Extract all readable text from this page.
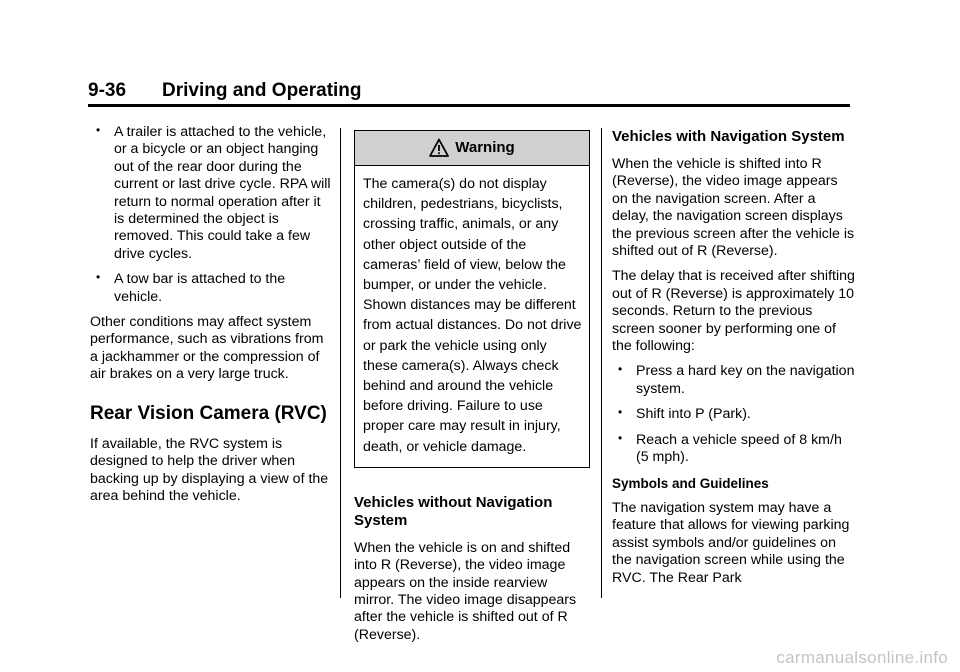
9-36 Driving and Operating
• A trailer is attached to the vehicle, or a bicycle or an object hanging out of the rear door during the current or last drive cycle. RPA will return to normal operation after it is determined the object is removed. This could take a few drive cycles.
• A tow bar is attached to the vehicle.

Other conditions may affect system performance, such as vibrations from a jackhammer or the compression of air brakes on a very large truck.

Rear Vision Camera (RVC)

If available, the RVC system is designed to help the driver when backing up by displaying a view of the area behind the vehicle.

Warning
The camera(s) do not display children, pedestrians, bicyclists, crossing traffic, animals, or any other object outside of the cameras’ field of view, below the bumper, or under the vehicle. Shown distances may be different from actual distances. Do not drive or park the vehicle using only these camera(s). Always check behind and around the vehicle before driving. Failure to use proper care may result in injury, death, or vehicle damage.
Vehicles without Navigation System

When the vehicle is on and shifted into R (Reverse), the video image appears on the inside rearview mirror. The video image disappears after the vehicle is shifted out of R (Reverse).

Vehicles with Navigation System

When the vehicle is shifted into R (Reverse), the video image appears on the navigation screen. After a delay, the navigation screen displays the previous screen after the vehicle is shifted out of R (Reverse).

The delay that is received after shifting out of R (Reverse) is approximately 10 seconds. Return to the previous screen sooner by performing one of the following:

• Press a hard key on the navigation system.
• Shift into P (Park).
• Reach a vehicle speed of 8 km/h (5 mph).
Symbols and Guidelines

The navigation system may have a feature that allows for viewing parking assist symbols and/or guidelines on the navigation screen while using the RVC. The Rear Park

carmanualsonline.info
